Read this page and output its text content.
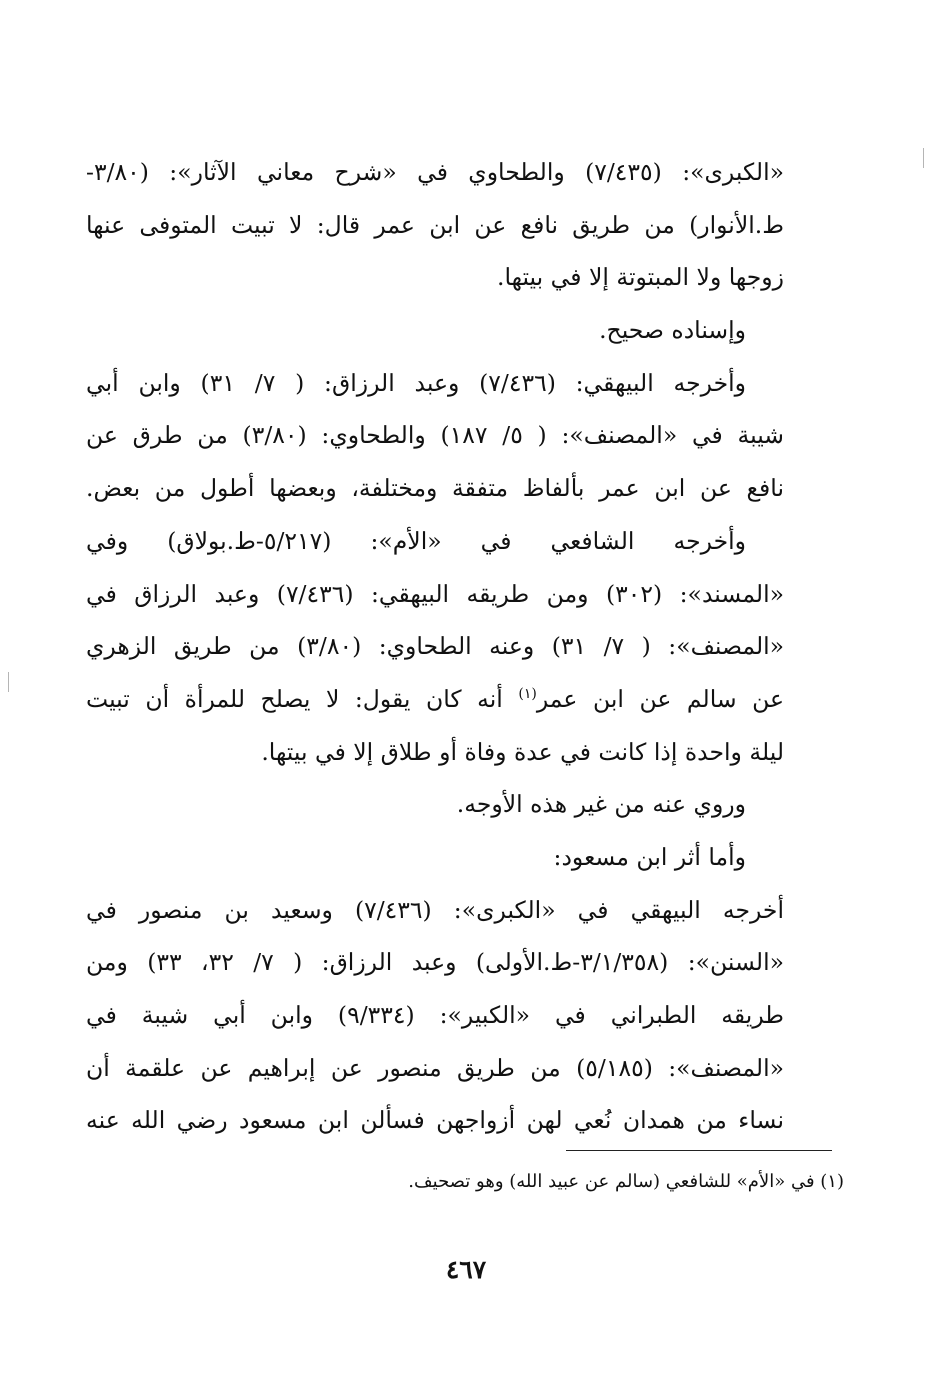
«الكبرى»: (٧/٤٣٥) والطحاوي في «شرح معاني الآثار»: (٣/٨٠-
ط.الأنوار) من طريق نافع عن ابن عمر قال: لا تبيت المتوفى عنها
زوجها ولا المبتوتة إلا في بيتها.
وإسناده صحيح.
وأخرجه البيهقي: (٧/٤٣٦) وعبد الرزاق: ( ٧/ ٣١) وابن أبي
شيبة في «المصنف»: ( ٥/ ١٨٧) والطحاوي: (٣/٨٠) من طرق عن
نافع عن ابن عمر بألفاظ متفقة ومختلفة، وبعضها أطول من بعض.
وأخرجه الشافعي في «الأم»: (٥/٢١٧-ط.بولاق) وفي
«المسند»: (٣٠٢) ومن طريقه البيهقي: (٧/٤٣٦) وعبد الرزاق في
«المصنف»: ( ٧/ ٣١) وعنه الطحاوي: (٣/٨٠) من طريق الزهري
عن سالم عن ابن عمر$^{(١)}$ أنه كان يقول: لا يصلح للمرأة أن تبيت
ليلة واحدة إذا كانت في عدة وفاة أو طلاق إلا في بيتها.
وروي عنه من غير هذه الأوجه.
وأما أثر ابن مسعود:
أخرجه البيهقي في «الكبرى»: (٧/٤٣٦) وسعيد بن منصور في
«السنن»: (٣/١/٣٥٨-ط.الأولى) وعبد الرزاق: ( ٧/ ٣٢، ٣٣) ومن
طريقه الطبراني في «الكبير»: (٩/٣٣٤) وابن أبي شيبة في
«المصنف»: (٥/١٨٥) من طريق منصور عن إبراهيم عن علقمة أن
نساء من همدان نُعي لهن أزواجهن فسألن ابن مسعود رضي الله عنه
(١) في «الأم» للشافعي (سالم عن عبيد الله) وهو تصحيف.
٤٦٧
